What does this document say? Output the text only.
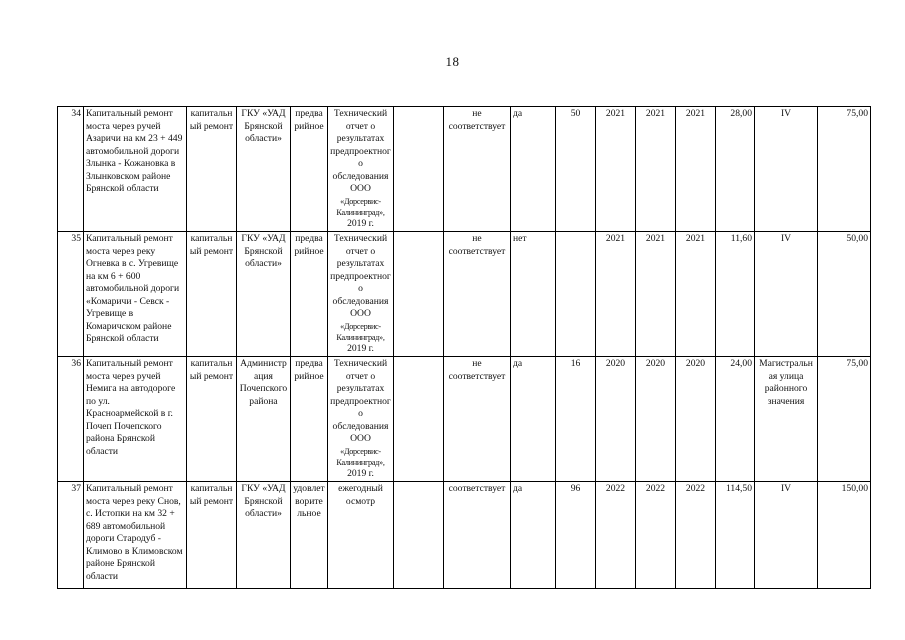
18
34	Капитальный ремонт моста через ручей Азаричи на км 23 + 449 автомобильной дороги Злынка - Кожановка в Злынковском районе Брянской области	капитальный ремонт	ГКУ «УАД Брянской области»	предварийное	Технический отчет о результатах предпроектного обследования ООО
«Дорсервис-Калининград»,
2019 г.		не соответствует	да	50	2021	2021	2021	28,00	IV	75,00
35	Капитальный ремонт моста через реку Огневка в с. Угревище на км 6 + 600 автомобильной дороги «Комаричи - Севск - Угревище в Комаричском районе Брянской области	капитальный ремонт	ГКУ «УАД Брянской области»	предварийное	Технический отчет о результатах предпроектного обследования ООО
«Дорсервис-Калининград»,
2019 г.		не соответствует	нет		2021	2021	2021	11,60	IV	50,00
36	Капитальный ремонт моста через ручей Немига на автодороге по ул. Красноармейской в г. Почеп Почепского района Брянской области	капитальный ремонт	Администрация Почепского района	предварийное	Технический отчет о результатах предпроектного обследования ООО
«Дорсервис-Калининград»,
2019 г.		не соответствует	да	16	2020	2020	2020	24,00	Магистральная улица районного значения	75,00
37	Капитальный ремонт моста через реку Снов, с. Истопки на км 32 + 689 автомобильной дороги Стародуб - Климово в Климовском районе Брянской области	капитальный ремонт	ГКУ «УАД Брянской области»	удовлетворительное	ежегодный осмотр		соответствует	да	96	2022	2022	2022	114,50	IV	150,00
